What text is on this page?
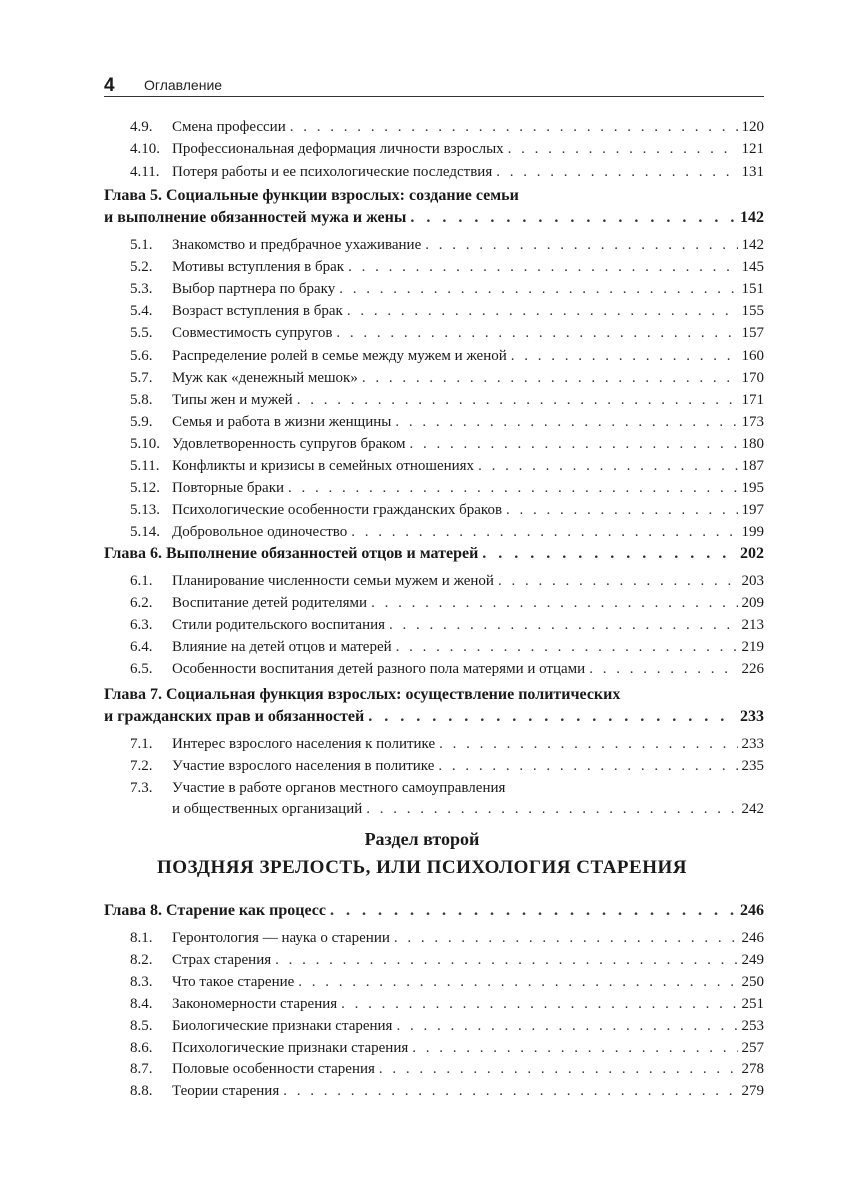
4 Оглавление
4.9.	Смена профессии . . .	120
4.10. Профессиональная деформация личности взрослых . . .	121
4.11. Потеря работы и ее психологические последствия . . .	131
Глава 5. Социальные функции взрослых: создание семьи
и выполнение обязанностей мужа и жены . . .	142
5.1.	Знакомство и предбрачное ухаживание . . .	142
5.2.	Мотивы вступления в брак . . .	145
5.3.	Выбор партнера по браку . . .	151
5.4.	Возраст вступления в брак . . .	155
5.5.	Совместимость супругов . . .	157
5.6.	Распределение ролей в семье между мужем и женой . . .	160
5.7.	Муж как «денежный мешок» . . .	170
5.8.	Типы жен и мужей . . .	171
5.9.	Семья и работа в жизни женщины . . .	173
5.10. Удовлетворенность супругов браком . . .	180
5.11. Конфликты и кризисы в семейных отношениях . . .	187
5.12. Повторные браки . . .	195
5.13. Психологические особенности гражданских браков . . .	197
5.14. Добровольное одиночество . . .	199
Глава 6. Выполнение обязанностей отцов и матерей . . .	202
6.1.	Планирование численности семьи мужем и женой . . .	203
6.2.	Воспитание детей родителями . . .	209
6.3.	Стили родительского воспитания . . .	213
6.4.	Влияние на детей отцов и матерей . . .	219
6.5.	Особенности воспитания детей разного пола матерями и отцами . . .	226
Глава 7. Социальная функция взрослых: осуществление политических
и гражданских прав и обязанностей . . .	233
7.1.	Интерес взрослого населения к политике . . .	233
7.2.	Участие взрослого населения в политике . . .	235
7.3. Участие в работе органов местного самоуправления
и общественных организаций . . .	242
Раздел второй
ПОЗДНЯЯ ЗРЕЛОСТЬ, ИЛИ ПСИХОЛОГИЯ СТАРЕНИЯ
Глава 8. Старение как процесс . . .	246
8.1.	Геронтология — наука о старении . . .	246
8.2.	Страх старения . . .	249
8.3.	Что такое старение . . .	250
8.4.	Закономерности старения . . .	251
8.5.	Биологические признаки старения . . .	253
8.6.	Психологические признаки старения . . .	257
8.7.	Половые особенности старения . . .	278
8.8.	Теории старения . . .	279
